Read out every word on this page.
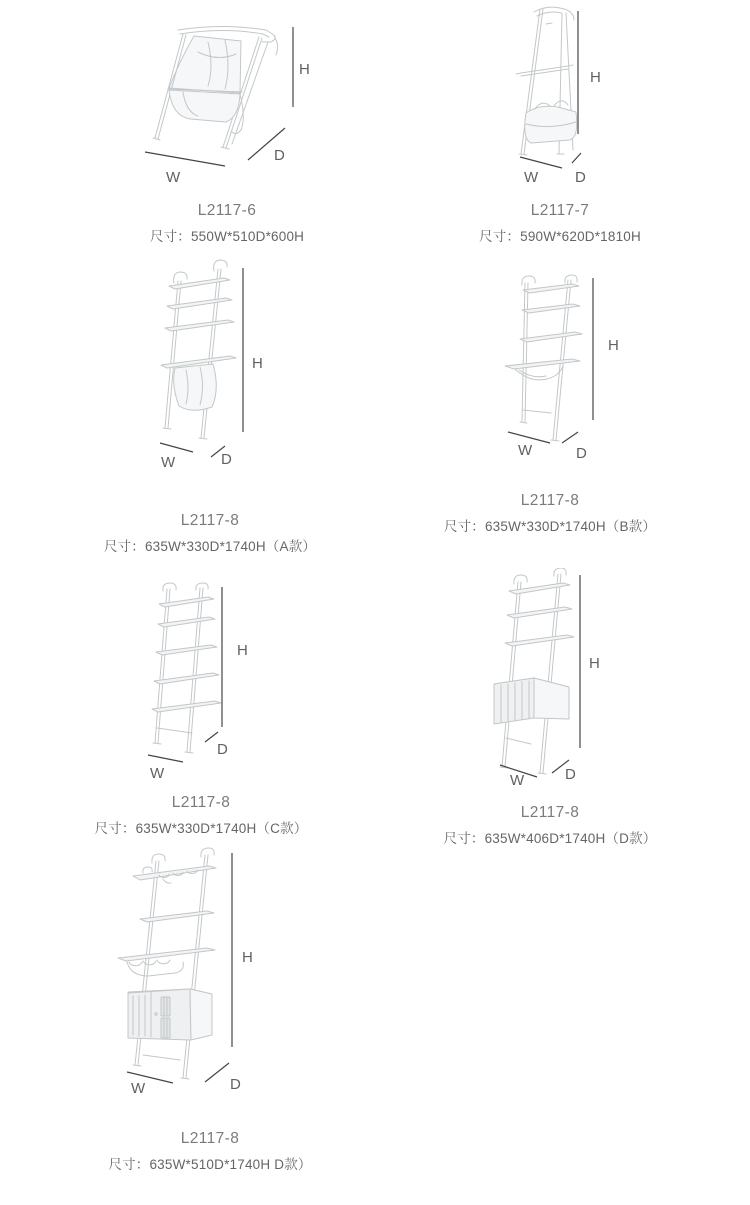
H
D
W
L2117-6
尺寸：550W*510D*600H
H
W D
L2117-7
尺寸：590W*620D*1810H
H
W	D
L2117-8
尺寸：635W*330D*1740H（A款）
H
W	D
L2117-8
尺寸：635W*330D*1740H（B款）
H
W
D
L2117-8
尺寸：635W*330D*1740H（C款）
H
W	D
L2117-8
尺寸：635W*406D*1740H（D款）
H
W	D
L2117-8
尺寸：635W*510D*1740H D款）
